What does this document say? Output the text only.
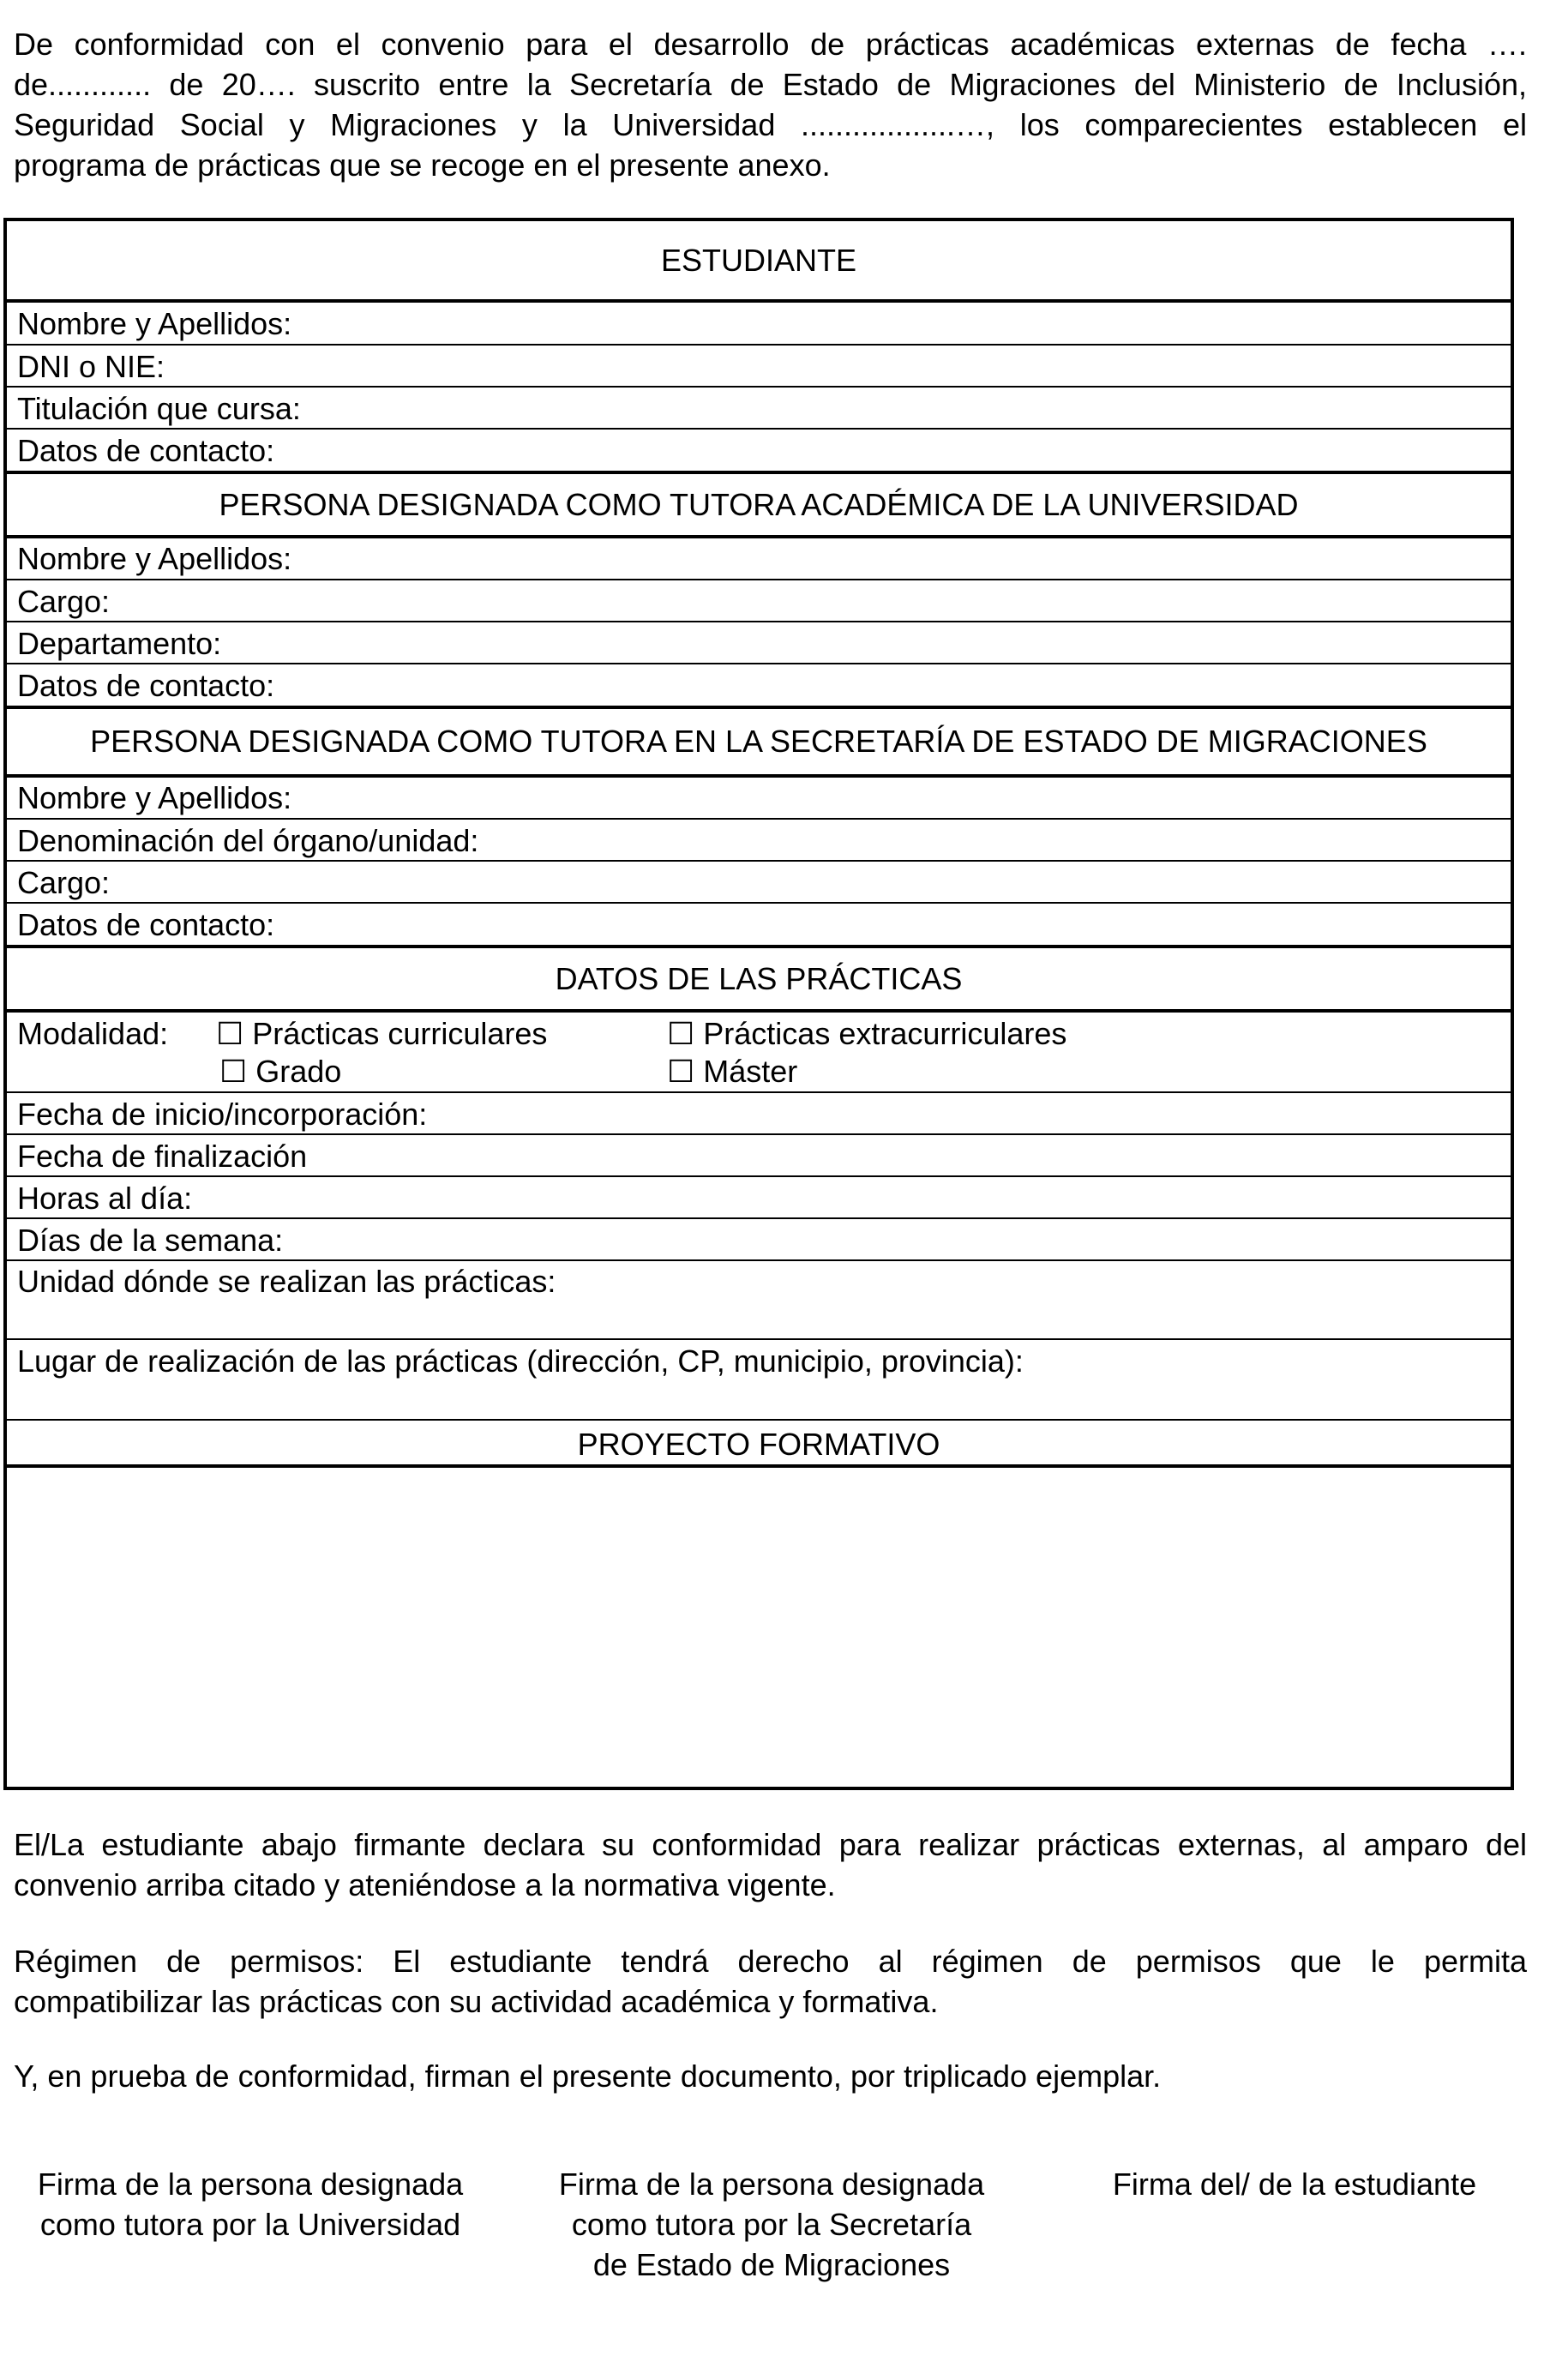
De conformidad con el convenio para el desarrollo de prácticas académicas externas de fecha ….
de............ de 20…. suscrito entre la Secretaría de Estado de Migraciones del Ministerio de Inclusión,
Seguridad Social y Migraciones y la Universidad ..................…, los comparecientes establecen el
programa de prácticas que se recoge en el presente anexo.
ESTUDIANTE
Nombre y Apellidos:
DNI o NIE:
Titulación que cursa:
Datos de contacto:
PERSONA DESIGNADA COMO TUTORA ACADÉMICA DE LA UNIVERSIDAD
Nombre y Apellidos:
Cargo:
Departamento:
Datos de contacto:
PERSONA DESIGNADA COMO TUTORA EN LA SECRETARÍA DE ESTADO DE MIGRACIONES
Nombre y Apellidos:
Denominación del órgano/unidad:
Cargo:
Datos de contacto:
DATOS DE LAS PRÁCTICAS
Modalidad: ☐ Prácticas curriculares	☐ Prácticas extracurriculares
☐ Grado	☐ Máster
Fecha de inicio/incorporación:
Fecha de finalización
Horas al día:
Días de la semana:
Unidad dónde se realizan las prácticas:
Lugar de realización de las prácticas (dirección, CP, municipio, provincia):
PROYECTO FORMATIVO
El/La estudiante abajo firmante declara su conformidad para realizar prácticas externas, al amparo del
convenio arriba citado y ateniéndose a la normativa vigente.
Régimen de permisos: El estudiante tendrá derecho al régimen de permisos que le permita
compatibilizar las prácticas con su actividad académica y formativa.
Y, en prueba de conformidad, firman el presente documento, por triplicado ejemplar.
Firma de la persona designada
como tutora por la Universidad
Firma de la persona designada
como tutora por la Secretaría
de Estado de Migraciones
Firma del/ de la estudiante
